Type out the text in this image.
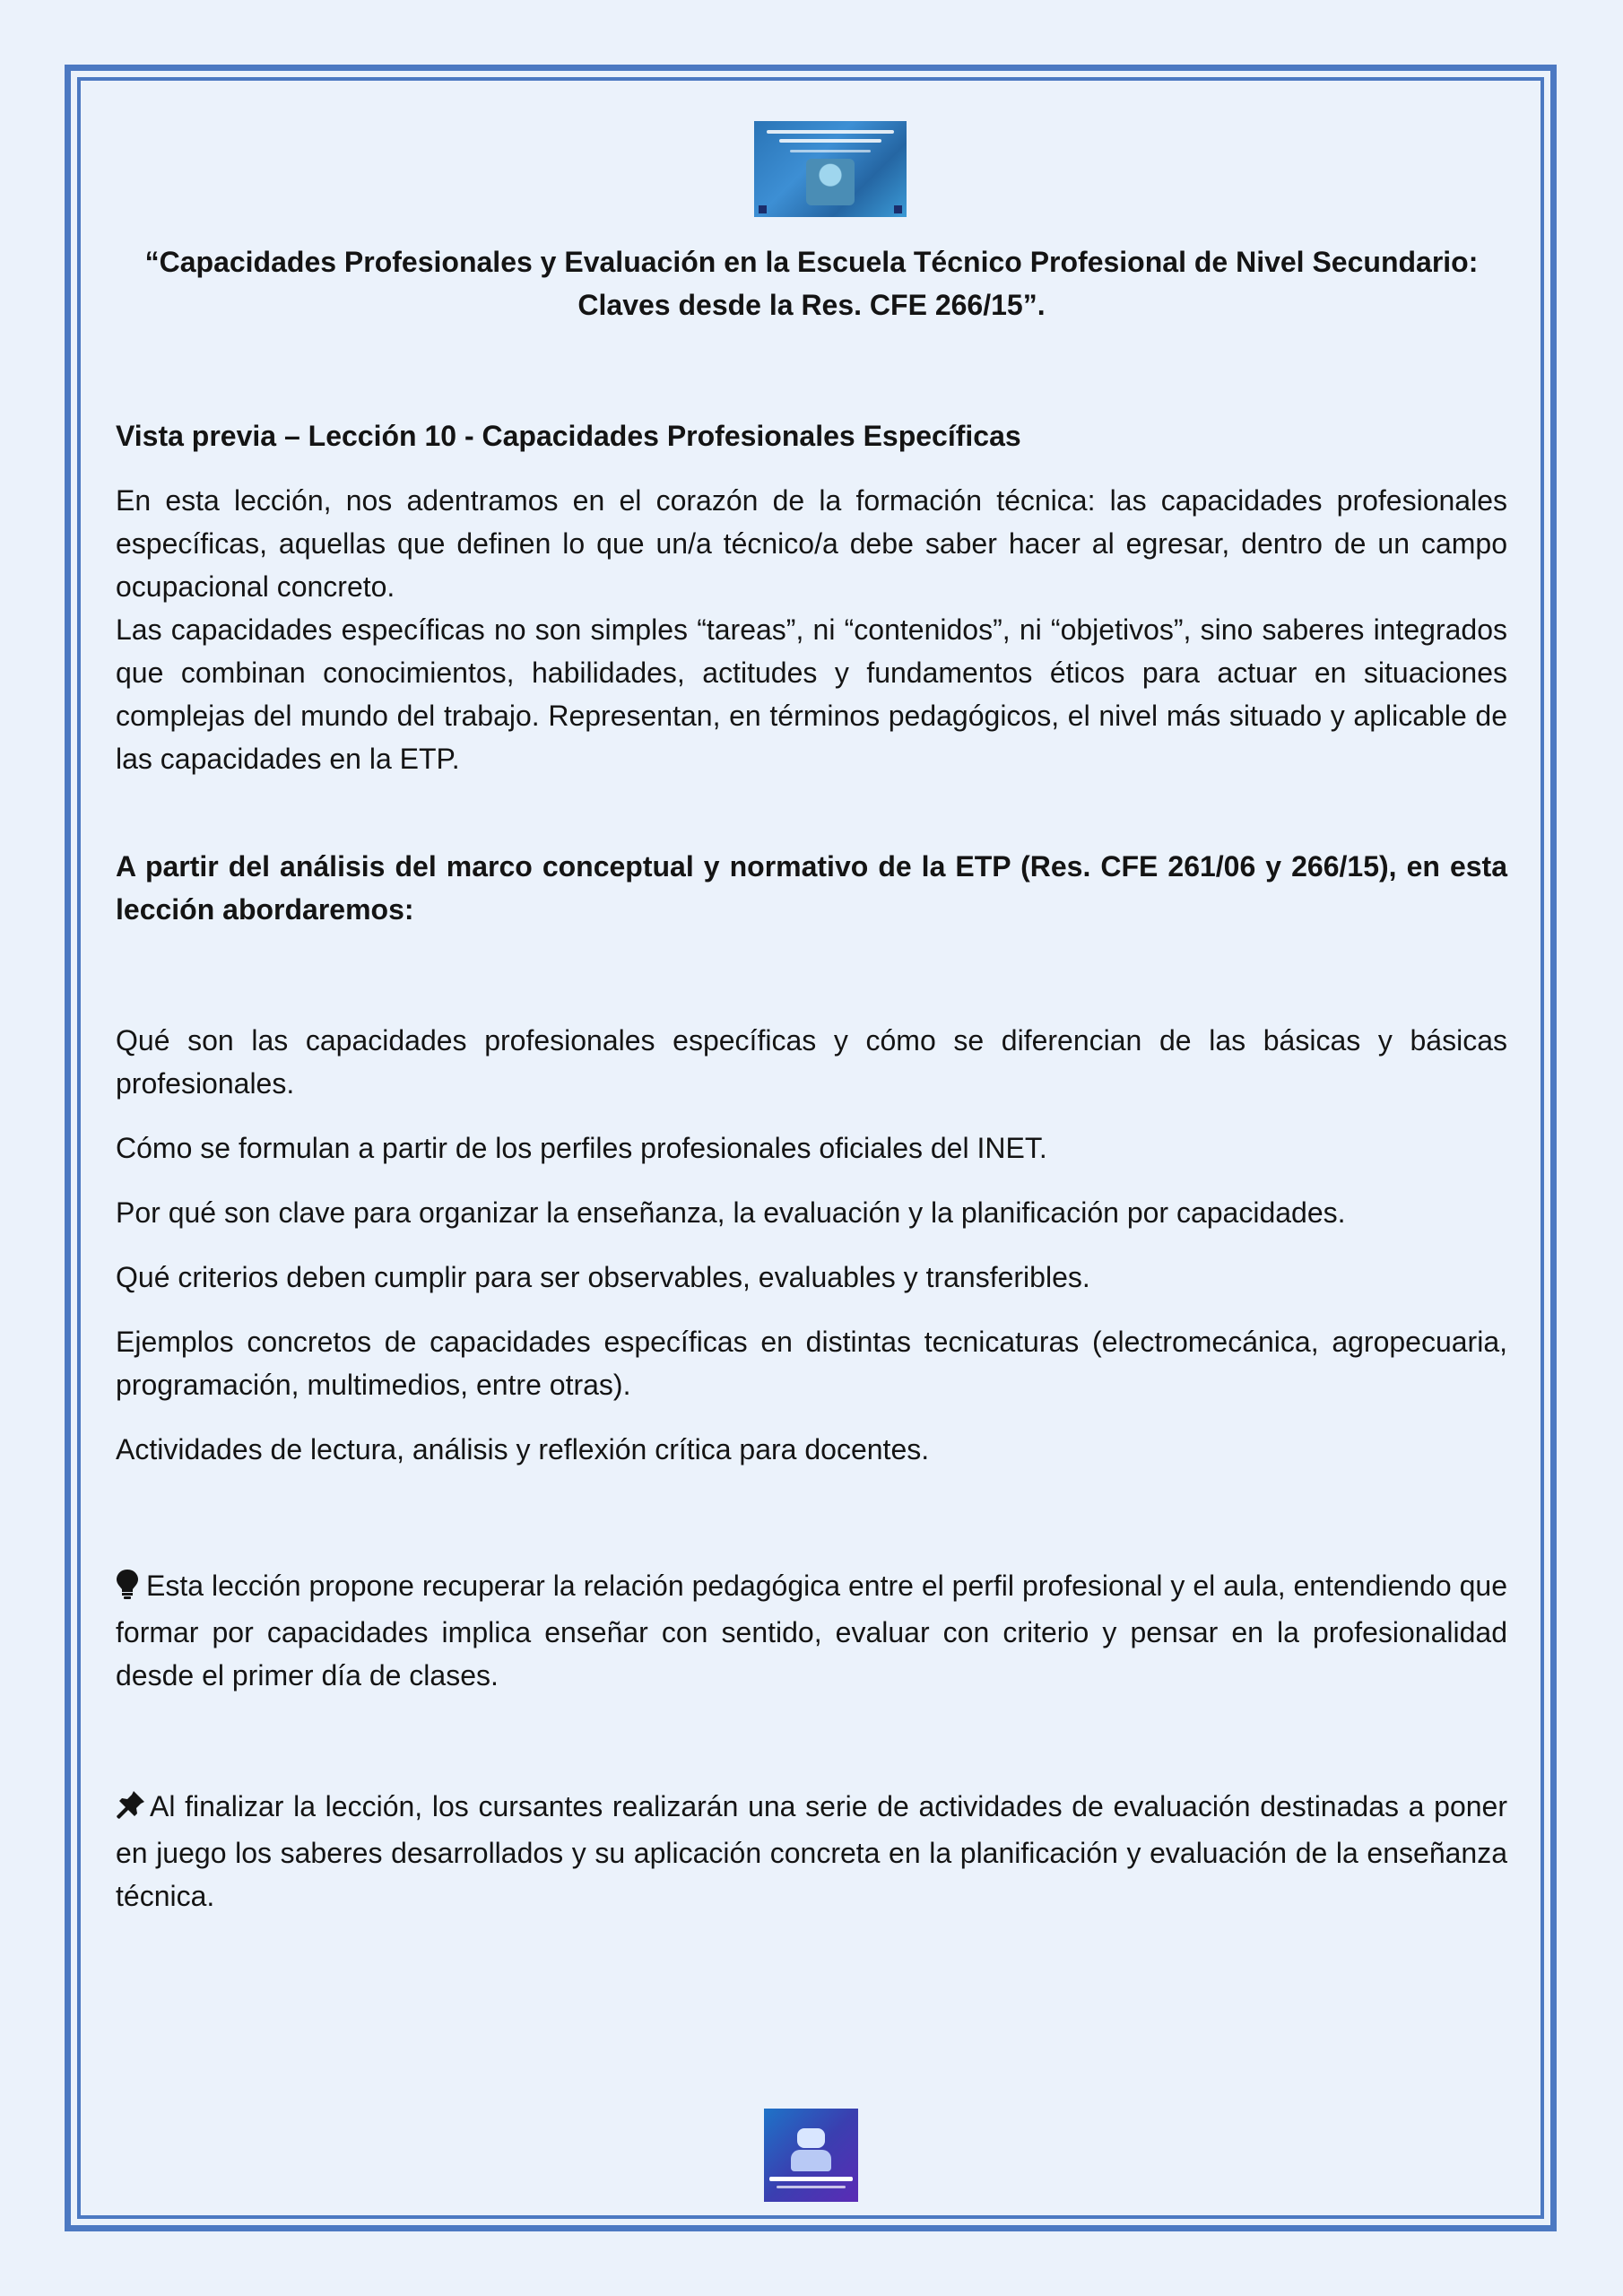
“Capacidades Profesionales y Evaluación en la Escuela Técnico Profesional de Nivel Secundario: Claves desde la Res. CFE 266/15”.
Vista previa – Lección 10 - Capacidades Profesionales Específicas
En esta lección, nos adentramos en el corazón de la formación técnica: las capacidades profesionales específicas, aquellas que definen lo que un/a técnico/a debe saber hacer al egresar, dentro de un campo ocupacional concreto.
Las capacidades específicas no son simples “tareas”, ni “contenidos”, ni “objetivos”, sino saberes integrados que combinan conocimientos, habilidades, actitudes y fundamentos éticos para actuar en situaciones complejas del mundo del trabajo. Representan, en términos pedagógicos, el nivel más situado y aplicable de las capacidades en la ETP.
A partir del análisis del marco conceptual y normativo de la ETP (Res. CFE 261/06 y 266/15), en esta lección abordaremos:
Qué son las capacidades profesionales específicas y cómo se diferencian de las básicas y básicas profesionales.
Cómo se formulan a partir de los perfiles profesionales oficiales del INET.
Por qué son clave para organizar la enseñanza, la evaluación y la planificación por capacidades.
Qué criterios deben cumplir para ser observables, evaluables y transferibles.
Ejemplos concretos de capacidades específicas en distintas tecnicaturas (electromecánica, agropecuaria, programación, multimedios, entre otras).
Actividades de lectura, análisis y reflexión crítica para docentes.
Esta lección propone recuperar la relación pedagógica entre el perfil profesional y el aula, entendiendo que formar por capacidades implica enseñar con sentido, evaluar con criterio y pensar en la profesionalidad desde el primer día de clases.
Al finalizar la lección, los cursantes realizarán una serie de actividades de evaluación destinadas a poner en juego los saberes desarrollados y su aplicación concreta en la planificación y evaluación de la enseñanza técnica.
